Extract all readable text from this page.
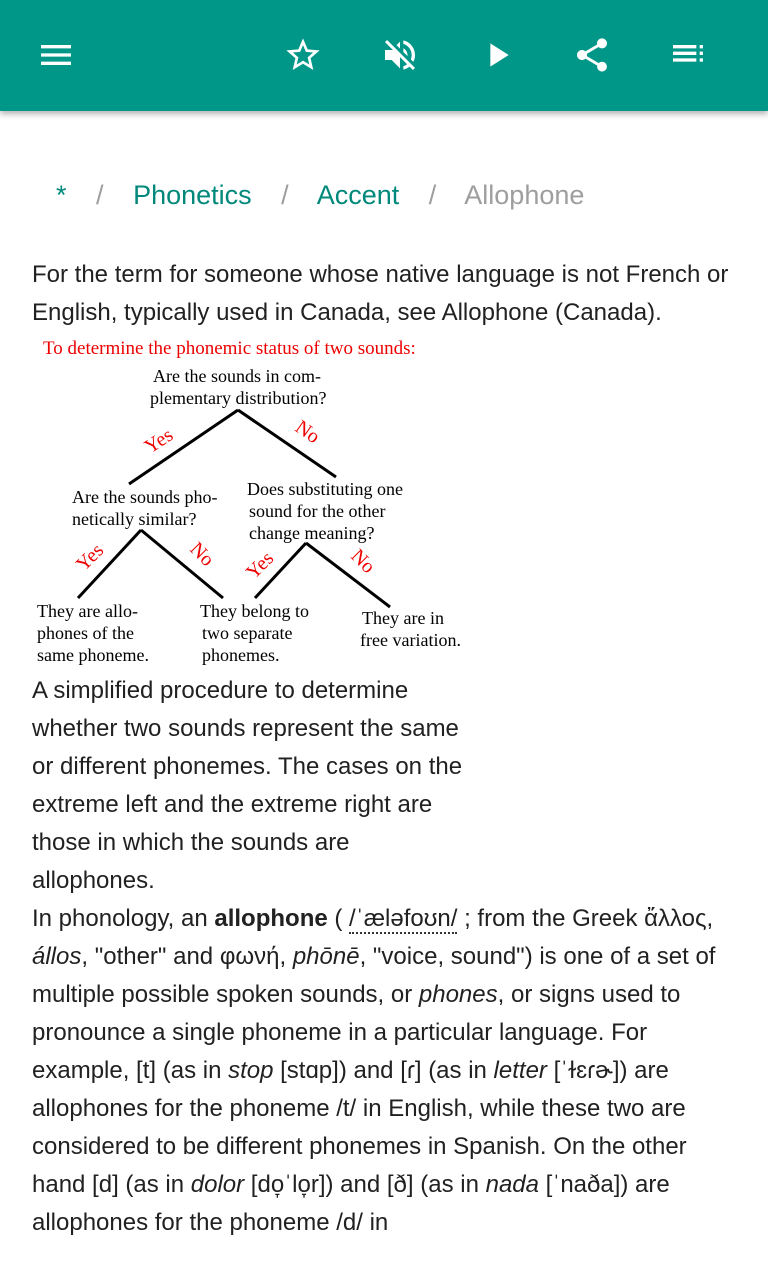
* / Phonetics / Accent / Allophone

For the term for someone whose native language is not French or English, typically used in Canada, see Allophone (Canada).

To determine the phonemic status of two sounds:
Are the sounds in com-
plementary distribution?
Are the sounds pho-
netically similar?
Does substituting one
sound for the other
change meaning?
They are allo-
phones of the
same phoneme.
They belong to
two separate
phonemes.
They are in
free variation.
Yes	No
Yes	No Yes	No

A simplified procedure to determine whether two sounds represent the same or different phonemes. The cases on the extreme left and the extreme right are those in which the sounds are allophones.

In phonology, an allophone ( /ˈæləfoʊn/ ; from the Greek ἄλλος, állos, "other" and φωνή, phōnē, "voice, sound") is one of a set of multiple possible spoken sounds, or phones, or signs used to pronounce a single phoneme in a particular language. For example, [t] (as in stop [stɑp]) and [ɾ] (as in letter [ˈɫɛɾɚ]) are allophones for the phoneme /t/ in English, while these two are considered to be different phonemes in Spanish. On the other hand [d] (as in dolor [do̞ˈlo̞r]) and [ð] (as in nada [ˈnaða]) are allophones for the phoneme /d/ in
